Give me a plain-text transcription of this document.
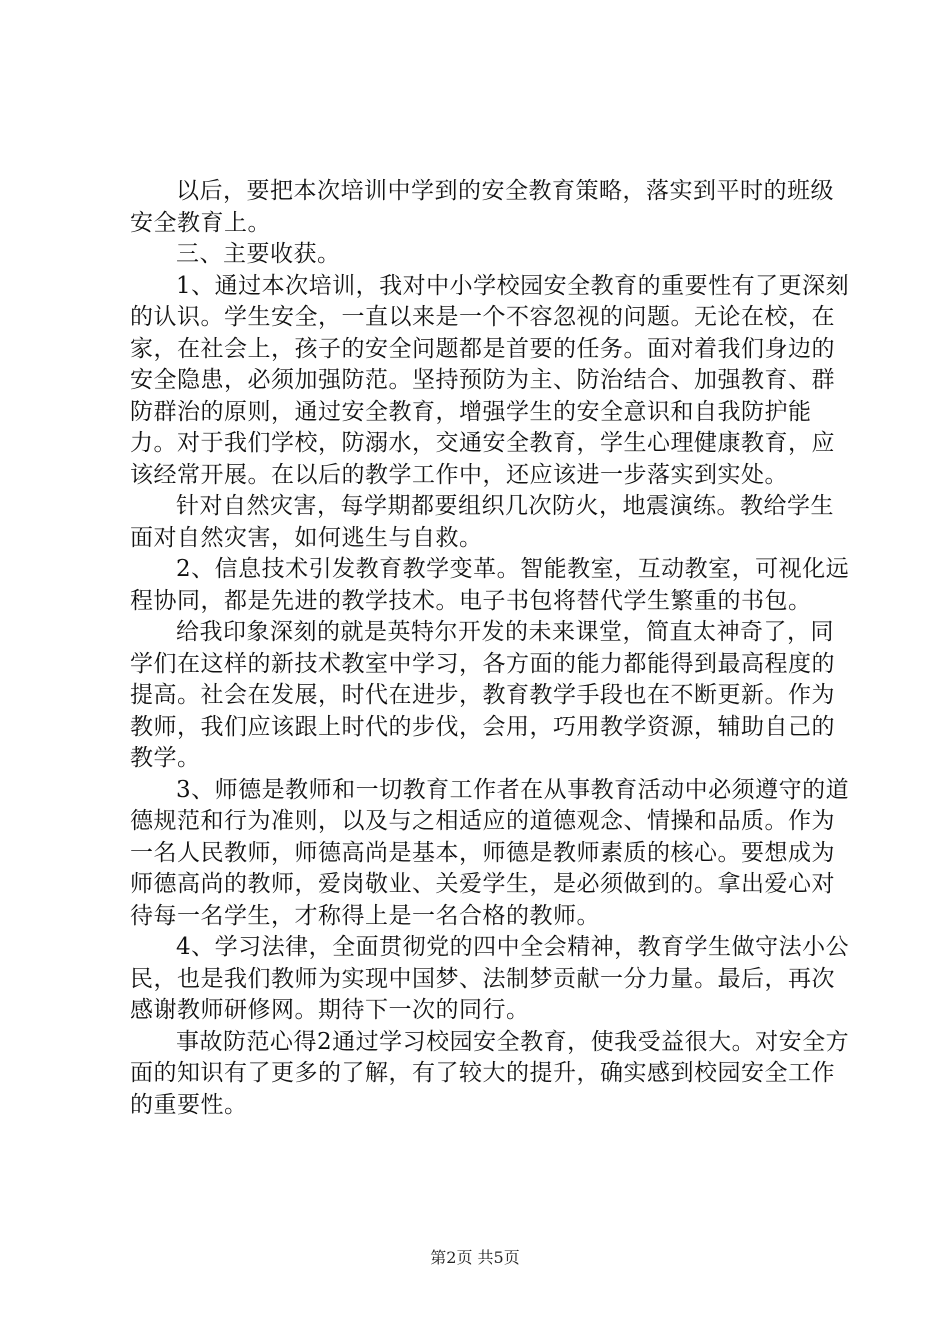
以后，要把本次培训中学到的安全教育策略，落实到平时的班级安全教育上。

三、主要收获。

1、通过本次培训，我对中小学校园安全教育的重要性有了更深刻的认识。学生安全，一直以来是一个不容忽视的问题。无论在校，在家，在社会上，孩子的安全问题都是首要的任务。面对着我们身边的安全隐患，必须加强防范。坚持预防为主、防治结合、加强教育、群防群治的原则，通过安全教育，增强学生的安全意识和自我防护能力。对于我们学校，防溺水，交通安全教育，学生心理健康教育，应该经常开展。在以后的教学工作中，还应该进一步落实到实处。

针对自然灾害，每学期都要组织几次防火，地震演练。教给学生面对自然灾害，如何逃生与自救。

2、信息技术引发教育教学变革。智能教室，互动教室，可视化远程协同，都是先进的教学技术。电子书包将替代学生繁重的书包。

给我印象深刻的就是英特尔开发的未来课堂，简直太神奇了，同学们在这样的新技术教室中学习，各方面的能力都能得到最高程度的提高。社会在发展，时代在进步，教育教学手段也在不断更新。作为教师，我们应该跟上时代的步伐，会用，巧用教学资源，辅助自己的教学。

3、师德是教师和一切教育工作者在从事教育活动中必须遵守的道德规范和行为准则，以及与之相适应的道德观念、情操和品质。作为一名人民教师，师德高尚是基本，师德是教师素质的核心。要想成为师德高尚的教师，爱岗敬业、关爱学生，是必须做到的。拿出爱心对待每一名学生，才称得上是一名合格的教师。

4、学习法律，全面贯彻党的四中全会精神，教育学生做守法小公民，也是我们教师为实现中国梦、法制梦贡献一分力量。最后，再次感谢教师研修网。期待下一次的同行。

事故防范心得2通过学习校园安全教育，使我受益很大。对安全方面的知识有了更多的了解，有了较大的提升，确实感到校园安全工作的重要性。

第2页 共5页
